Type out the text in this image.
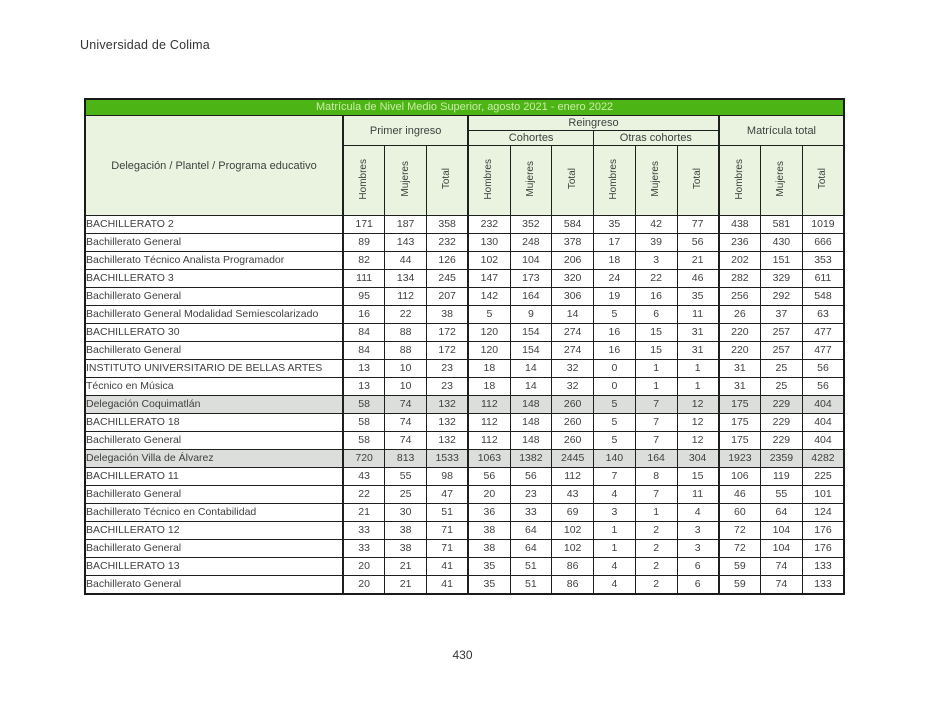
Universidad de Colima
Matrícula de Nivel Medio Superior, agosto 2021 - enero 2022												
Delegación / Plantel / Programa educativo	Primer ingreso			Reingreso						Matrícula total		
				Cohortes			Otras cohortes					
	Hombres	Mujeres	Total	Hombres	Mujeres	Total	Hombres	Mujeres	Total	Hombres	Mujeres	Total
BACHILLERATO 2	171	187	358	232	352	584	35	42	77	438	581	1019
Bachillerato General	89	143	232	130	248	378	17	39	56	236	430	666
Bachillerato Técnico Analista Programador	82	44	126	102	104	206	18	3	21	202	151	353
BACHILLERATO 3	111	134	245	147	173	320	24	22	46	282	329	611
Bachillerato General	95	112	207	142	164	306	19	16	35	256	292	548
Bachillerato General Modalidad Semiescolarizado	16	22	38	5	9	14	5	6	11	26	37	63
BACHILLERATO 30	84	88	172	120	154	274	16	15	31	220	257	477
Bachillerato General	84	88	172	120	154	274	16	15	31	220	257	477
INSTITUTO UNIVERSITARIO DE BELLAS ARTES	13	10	23	18	14	32	0	1	1	31	25	56
Técnico en Música	13	10	23	18	14	32	0	1	1	31	25	56
Delegación Coquimatlán	58	74	132	112	148	260	5	7	12	175	229	404
BACHILLERATO 18	58	74	132	112	148	260	5	7	12	175	229	404
Bachillerato General	58	74	132	112	148	260	5	7	12	175	229	404
Delegación Villa de Álvarez	720	813	1533	1063	1382	2445	140	164	304	1923	2359	4282
BACHILLERATO 11	43	55	98	56	56	112	7	8	15	106	119	225
Bachillerato General	22	25	47	20	23	43	4	7	11	46	55	101
Bachillerato Técnico en Contabilidad	21	30	51	36	33	69	3	1	4	60	64	124
BACHILLERATO 12	33	38	71	38	64	102	1	2	3	72	104	176
Bachillerato General	33	38	71	38	64	102	1	2	3	72	104	176
BACHILLERATO 13	20	21	41	35	51	86	4	2	6	59	74	133
Bachillerato General	20	21	41	35	51	86	4	2	6	59	74	133
430
